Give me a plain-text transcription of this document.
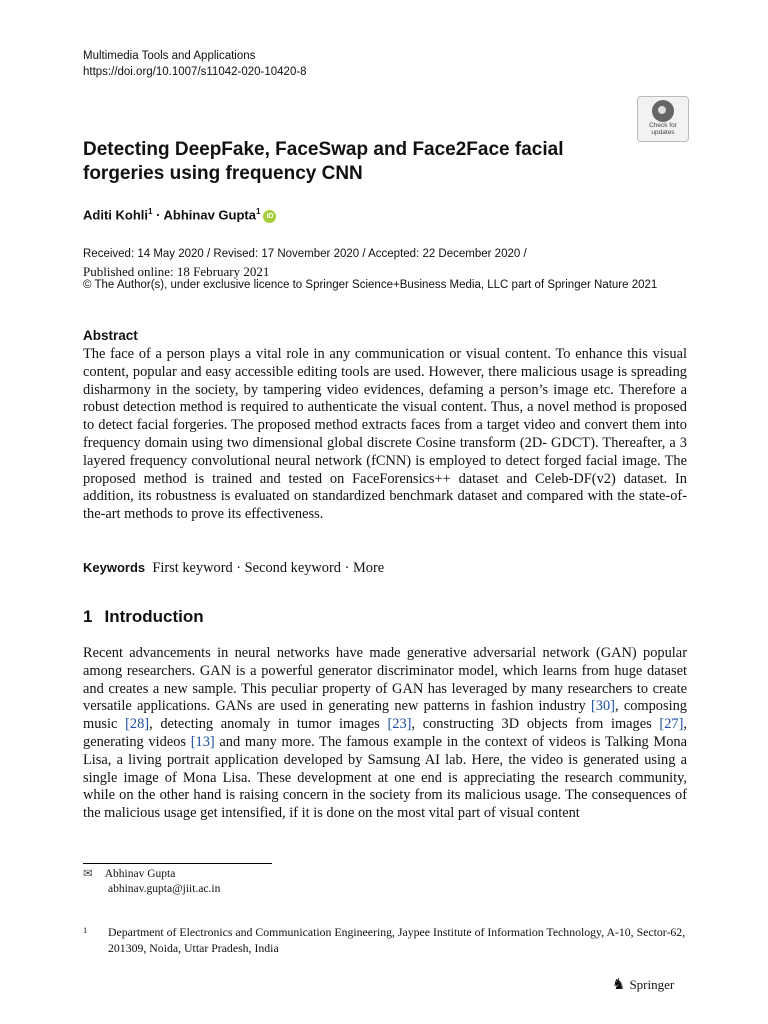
Multimedia Tools and Applications
https://doi.org/10.1007/s11042-020-10420-8
Check for
updates
Detecting DeepFake, FaceSwap and Face2Face facial forgeries using frequency CNN
Aditi Kohli$^1$ · Abhinav Gupta$^1$iD
Received: 14 May 2020 / Revised: 17 November 2020 / Accepted: 22 December 2020 /
Published online: 18 February 2021
© The Author(s), under exclusive licence to Springer Science+Business Media, LLC part of Springer Nature 2021
Abstract
The face of a person plays a vital role in any communication or visual content. To enhance this visual content, popular and easy accessible editing tools are used. However, there malicious usage is spreading disharmony in the society, by tampering video evidences, defaming a person’s image etc. Therefore a robust detection method is required to authenticate the visual content. Thus, a novel method is proposed to detect facial forgeries. The proposed method extracts faces from a target video and convert them into frequency domain using two dimensional global discrete Cosine transform (2D- GDCT). Thereafter, a 3 layered frequency convolutional neural network (fCNN) is employed to detect forged facial image. The proposed method is trained and tested on FaceForensics++ dataset and Celeb-DF(v2) dataset. In addition, its robustness is evaluated on standardized benchmark dataset and compared with the state-of-the-art methods to prove its effectiveness.
Keywords First keyword · Second keyword · More
1 Introduction
Recent advancements in neural networks have made generative adversarial network (GAN) popular among researchers. GAN is a powerful generator discriminator model, which learns from huge dataset and creates a new sample. This peculiar property of GAN has leveraged by many researchers to create versatile applications. GANs are used in generating new patterns in fashion industry [30], composing music [28], detecting anomaly in tumor images [23], constructing 3D objects from images [27], generating videos [13] and many more. The famous example in the context of videos is Talking Mona Lisa, a living portrait application developed by Samsung AI lab. Here, the video is generated using a single image of Mona Lisa. These development at one end is appreciating the research community, while on the other hand is raising concern in the society from its malicious usage. The consequences of the malicious usage get intensified, if it is done on the most vital part of visual content
✉ Abhinav Gupta
abhinav.gupta@jiit.ac.in
1	Department of Electronics and Communication Engineering, Jaypee Institute of Information Technology, A-10, Sector-62, 201309, Noida, Uttar Pradesh, India
♞ Springer
